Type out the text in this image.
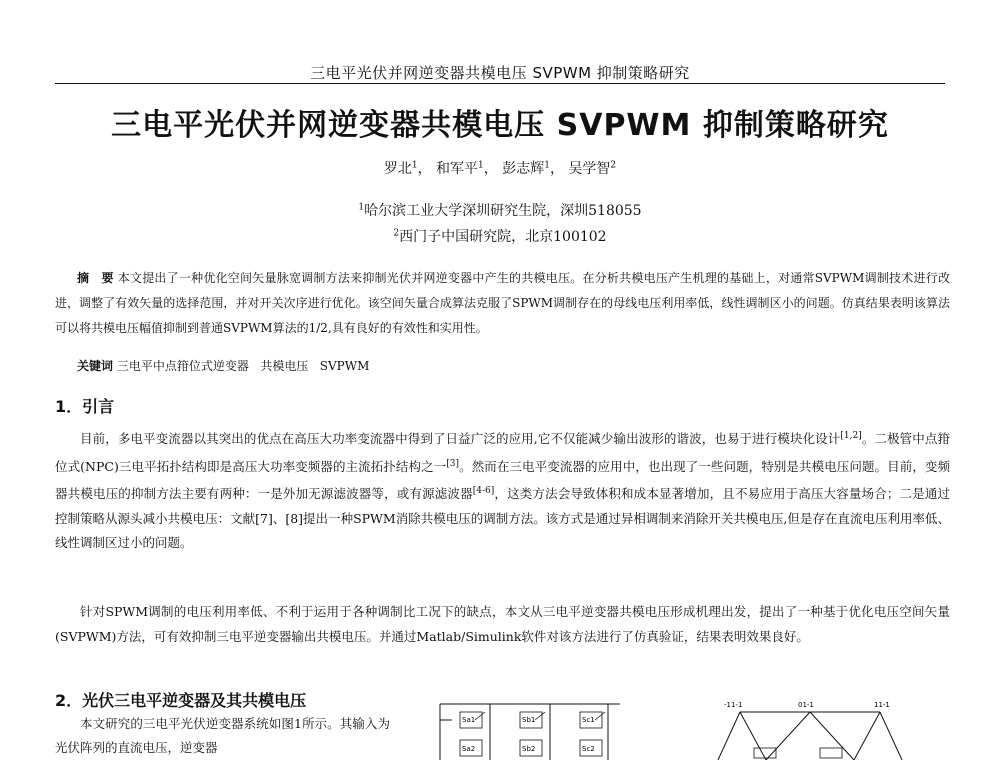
三电平光伏并网逆变器共模电压 SVPWM 抑制策略研究
三电平光伏并网逆变器共模电压 SVPWM 抑制策略研究
罗北$^1$， 和军平$^1$， 彭志辉$^1$， 吴学智$^2$
$^1$哈尔滨工业大学深圳研究生院，深圳518055
$^2$西门子中国研究院，北京100102
摘　要 本文提出了一种优化空间矢量脉宽调制方法来抑制光伏并网逆变器中产生的共模电压。在分析共模电压产生机理的基础上，对通常SVPWM调制技术进行改进，调整了有效矢量的选择范围，并对开关次序进行优化。该空间矢量合成算法克服了SPWM调制存在的母线电压利用率低，线性调制区小的问题。仿真结果表明该算法可以将共模电压幅值抑制到普通SVPWM算法的1/2,具有良好的有效性和实用性。
关键词 三电平中点箝位式逆变器 共模电压 SVPWM
1．引言
目前，多电平变流器以其突出的优点在高压大功率变流器中得到了日益广泛的应用,它不仅能减少输出波形的谐波，也易于进行模块化设计[1,2]。二极管中点箝位式(NPC)三电平拓扑结构即是高压大功率变频器的主流拓扑结构之一[3]。然而在三电平变流器的应用中，也出现了一些问题，特别是共模电压问题。目前，变频器共模电压的抑制方法主要有两种：一是外加无源滤波器等，或有源滤波器[4-6]，这类方法会导致体积和成本显著增加，且不易应用于高压大容量场合；二是通过控制策略从源头减小共模电压：文献[7]、[8]提出一种SPWM消除共模电压的调制方法。该方式是通过异相调制来消除开关共模电压,但是存在直流电压利用率低、线性调制区过小的问题。
针对SPWM调制的电压利用率低、不利于运用于各种调制比工况下的缺点，本文从三电平逆变器共模电压形成机理出发，提出了一种基于优化电压空间矢量(SVPWM)方法，可有效抑制三电平逆变器输出共模电压。并通过Matlab/Simulink软件对该方法进行了仿真验证，结果表明效果良好。
2．光伏三电平逆变器及其共模电压
本文研究的三电平光伏逆变器系统如图1所示。其输入为光伏阵列的直流电压，逆变器
Sa1	Sb1	Sc1
Sa2	Sb2	Sc2
-11-1	01-1	11-1
